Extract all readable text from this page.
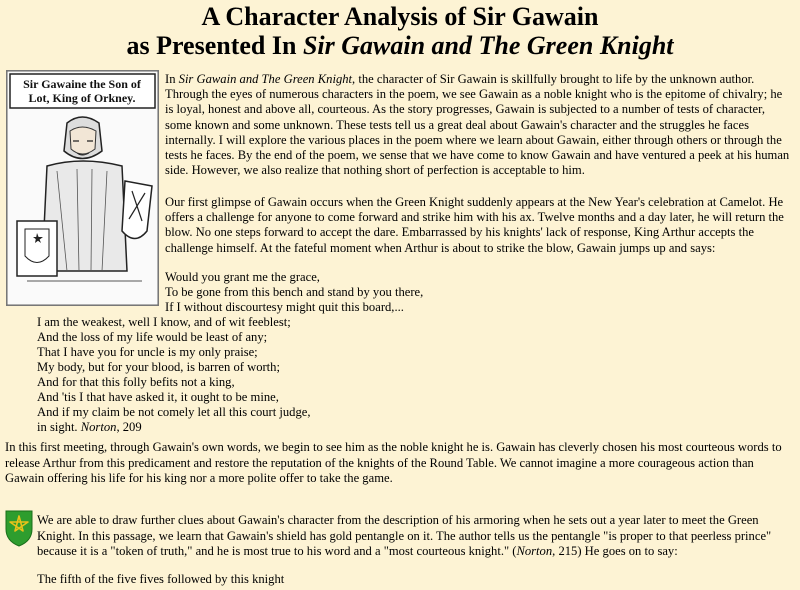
A Character Analysis of Sir Gawain
as Presented In Sir Gawain and The Green Knight
Sir Gawaine the Son of
Lot, King of Orkney.

In Sir Gawain and The Green Knight, the character of Sir Gawain is skillfully brought to life by the unknown author. Through the eyes of numerous characters in the poem, we see Gawain as a noble knight who is the epitome of chivalry; he is loyal, honest and above all, courteous. As the story progresses, Gawain is subjected to a number of tests of character, some known and some unknown. These tests tell us a great deal about Gawain's character and the struggles he faces internally. I will explore the various places in the poem where we learn about Gawain, either through others or through the tests he faces. By the end of the poem, we sense that we have come to know Gawain and have ventured a peek at his human side. However, we also realize that nothing short of perfection is acceptable to him.

Our first glimpse of Gawain occurs when the Green Knight suddenly appears at the New Year's celebration at Camelot. He offers a challenge for anyone to come forward and strike him with his ax. Twelve months and a day later, he will return the blow. No one steps forward to accept the dare. Embarrassed by his knights' lack of response, King Arthur accepts the challenge himself. At the fateful moment when Arthur is about to strike the blow, Gawain jumps up and says:

Would you grant me the grace,
To be gone from this bench and stand by you there,
If I without discourtesy might quit this board,...
I am the weakest, well I know, and of wit feeblest;
And the loss of my life would be least of any;
That I have you for uncle is my only praise;
My body, but for your blood, is barren of worth;
And for that this folly befits not a king,
And 'tis I that have asked it, it ought to be mine,
And if my claim be not comely let all this court judge,
in sight. Norton, 209

In this first meeting, through Gawain's own words, we begin to see him as the noble knight he is. Gawain has cleverly chosen his most courteous words to release Arthur from this predicament and restore the reputation of the knights of the Round Table. We cannot imagine a more courageous action than Gawain offering his life for his king nor a more polite offer to take the game.

We are able to draw further clues about Gawain's character from the description of his armoring when he sets out a year later to meet the Green Knight. In this passage, we learn that Gawain's shield has gold pentangle on it. The author tells us the pentangle "is proper to that peerless prince" because it is a "token of truth," and he is most true to his word and a "most courteous knight." (Norton, 215) He goes on to say:

The fifth of the five fives followed by this knight
